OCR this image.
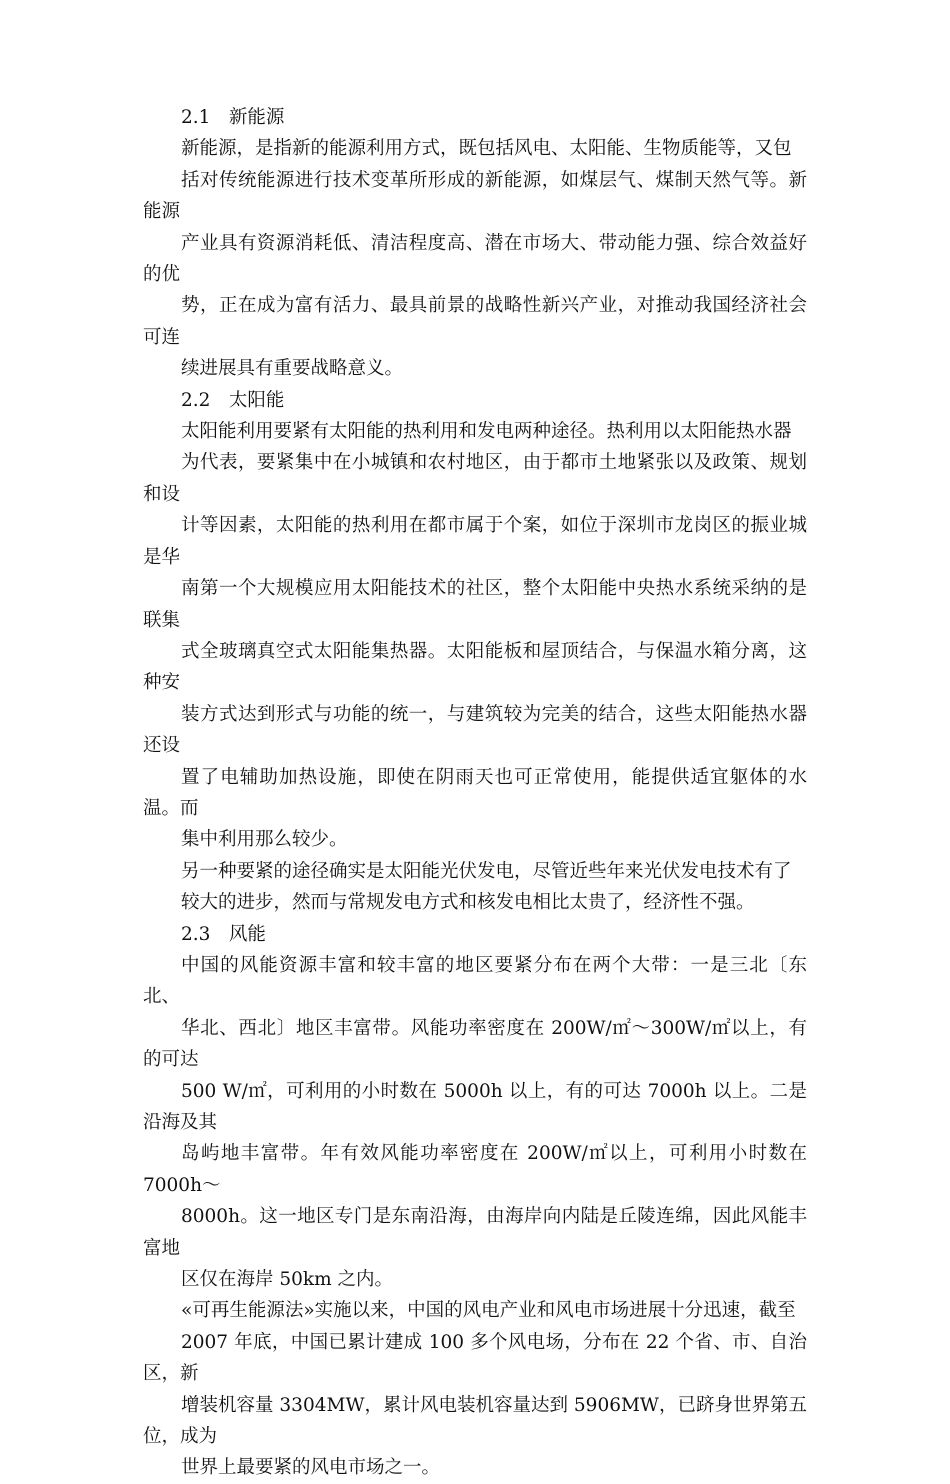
2.1　新能源

新能源，是指新的能源利用方式，既包括风电、太阳能、生物质能等，又包
括对传统能源进行技术变革所形成的新能源，如煤层气、煤制天然气等。新能源
产业具有资源消耗低、清洁程度高、潜在市场大、带动能力强、综合效益好的优
势，正在成为富有活力、最具前景的战略性新兴产业，对推动我国经济社会可连
续进展具有重要战略意义。

2.2　太阳能

太阳能利用要紧有太阳能的热利用和发电两种途径。热利用以太阳能热水器
为代表，要紧集中在小城镇和农村地区，由于都市土地紧张以及政策、规划和设
计等因素，太阳能的热利用在都市属于个案，如位于深圳市龙岗区的振业城是华
南第一个大规模应用太阳能技术的社区，整个太阳能中央热水系统采纳的是联集
式全玻璃真空式太阳能集热器。太阳能板和屋顶结合，与保温水箱分离，这种安
装方式达到形式与功能的统一，与建筑较为完美的结合，这些太阳能热水器还设
置了电辅助加热设施，即使在阴雨天也可正常使用，能提供适宜躯体的水温。而
集中利用那么较少。

另一种要紧的途径确实是太阳能光伏发电，尽管近些年来光伏发电技术有了
较大的进步，然而与常规发电方式和核发电相比太贵了，经济性不强。

2.3　风能

中国的风能资源丰富和较丰富的地区要紧分布在两个大带：一是三北〔东北、
华北、西北〕地区丰富带。风能功率密度在 200W/㎡～300W/㎡以上，有的可达
500 W/㎡，可利用的小时数在 5000h 以上，有的可达 7000h 以上。二是沿海及其
岛屿地丰富带。年有效风能功率密度在 200W/㎡以上，可利用小时数在 7000h～
8000h。这一地区专门是东南沿海，由海岸向内陆是丘陵连绵，因此风能丰富地
区仅在海岸 50km 之内。

«可再生能源法»实施以来，中国的风电产业和风电市场进展十分迅速，截至
2007 年底，中国已累计建成 100 多个风电场，分布在 22 个省、市、自治区，新
增装机容量 3304MW，累计风电装机容量达到 5906MW，已跻身世界第五位，成为
世界上最要紧的风电市场之一。
